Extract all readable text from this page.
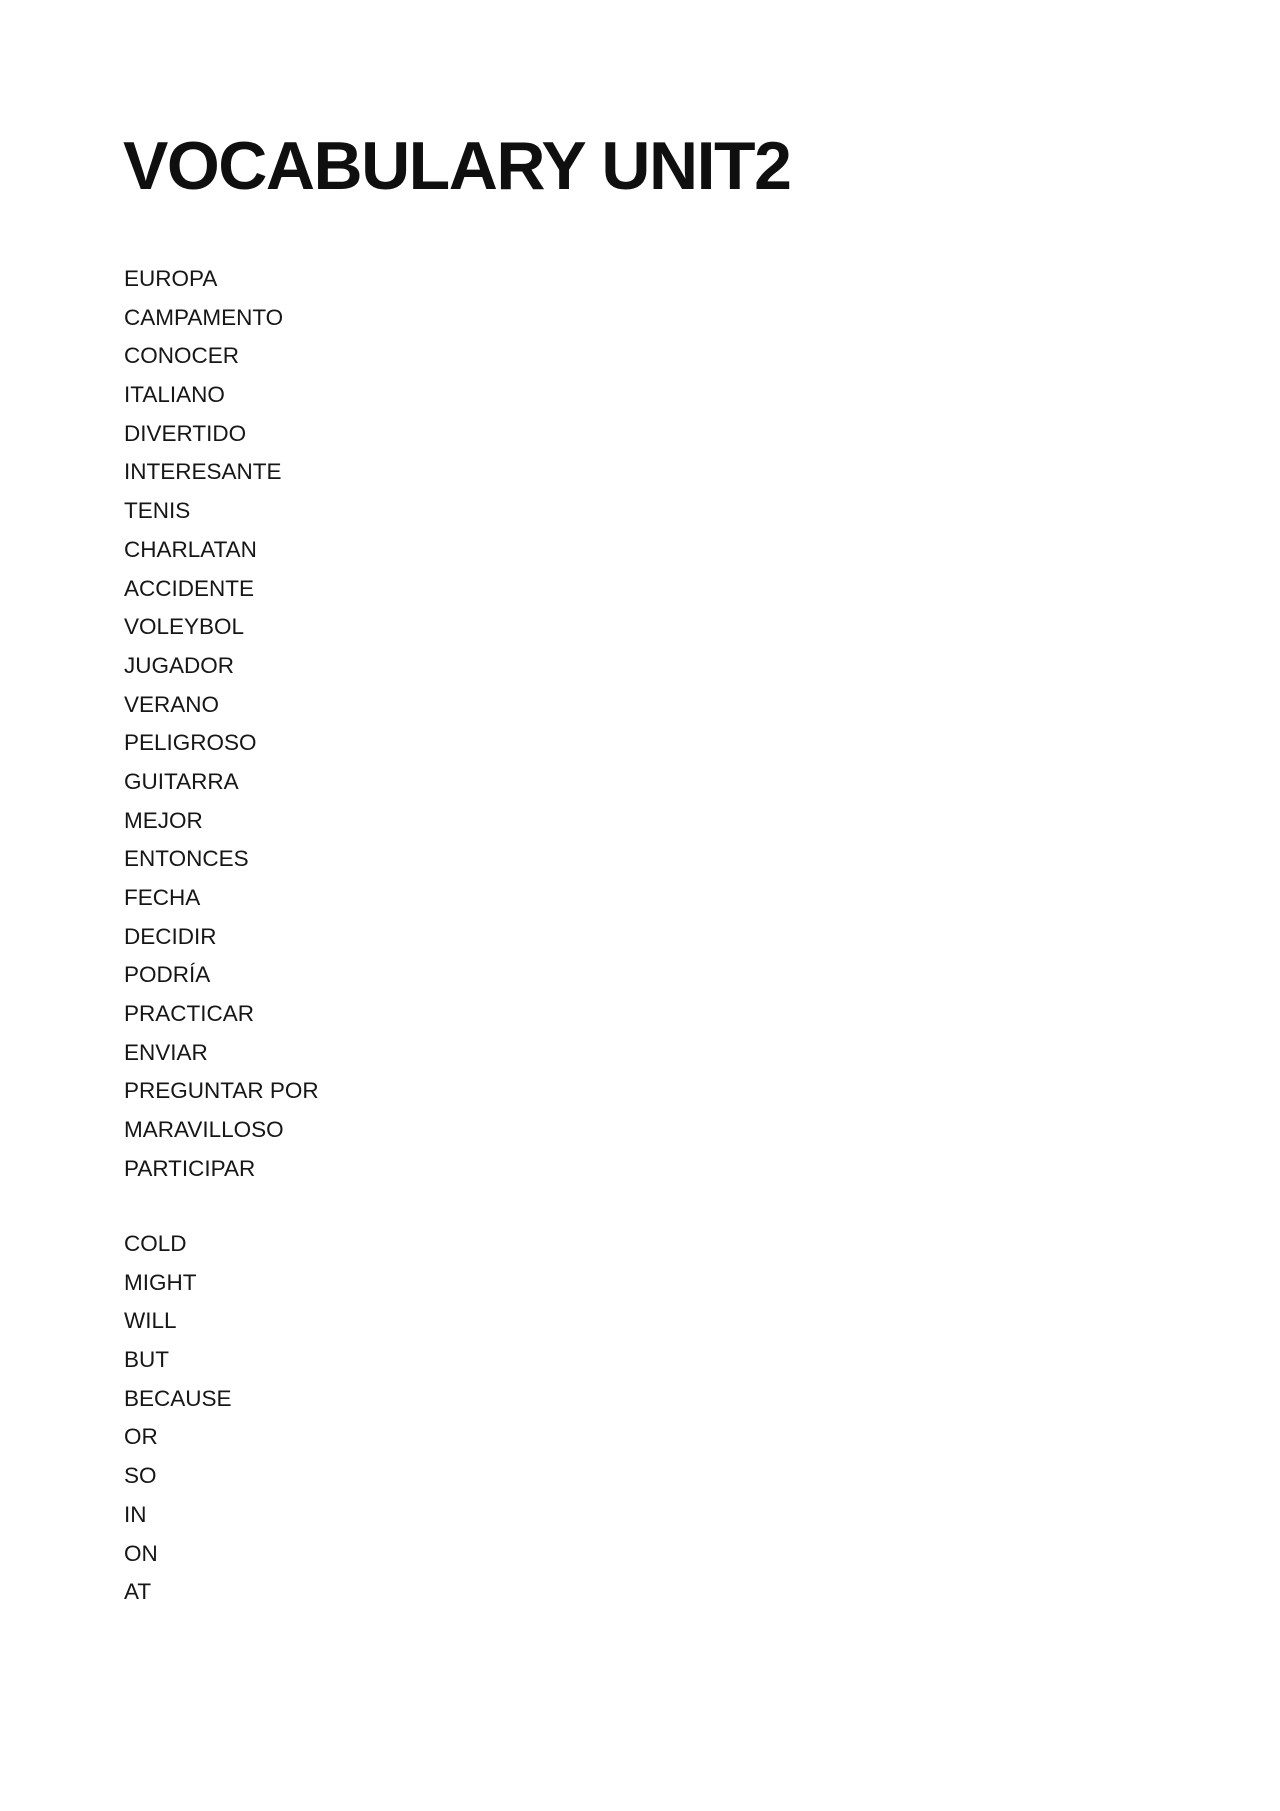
VOCABULARY UNIT2
EUROPA
CAMPAMENTO
CONOCER
ITALIANO
DIVERTIDO
INTERESANTE
TENIS
CHARLATAN
ACCIDENTE
VOLEYBOL
JUGADOR
VERANO
PELIGROSO
GUITARRA
MEJOR
ENTONCES
FECHA
DECIDIR
PODRÍA
PRACTICAR
ENVIAR
PREGUNTAR POR
MARAVILLOSO
PARTICIPAR
COLD
MIGHT
WILL
BUT
BECAUSE
OR
SO
IN
ON
AT
